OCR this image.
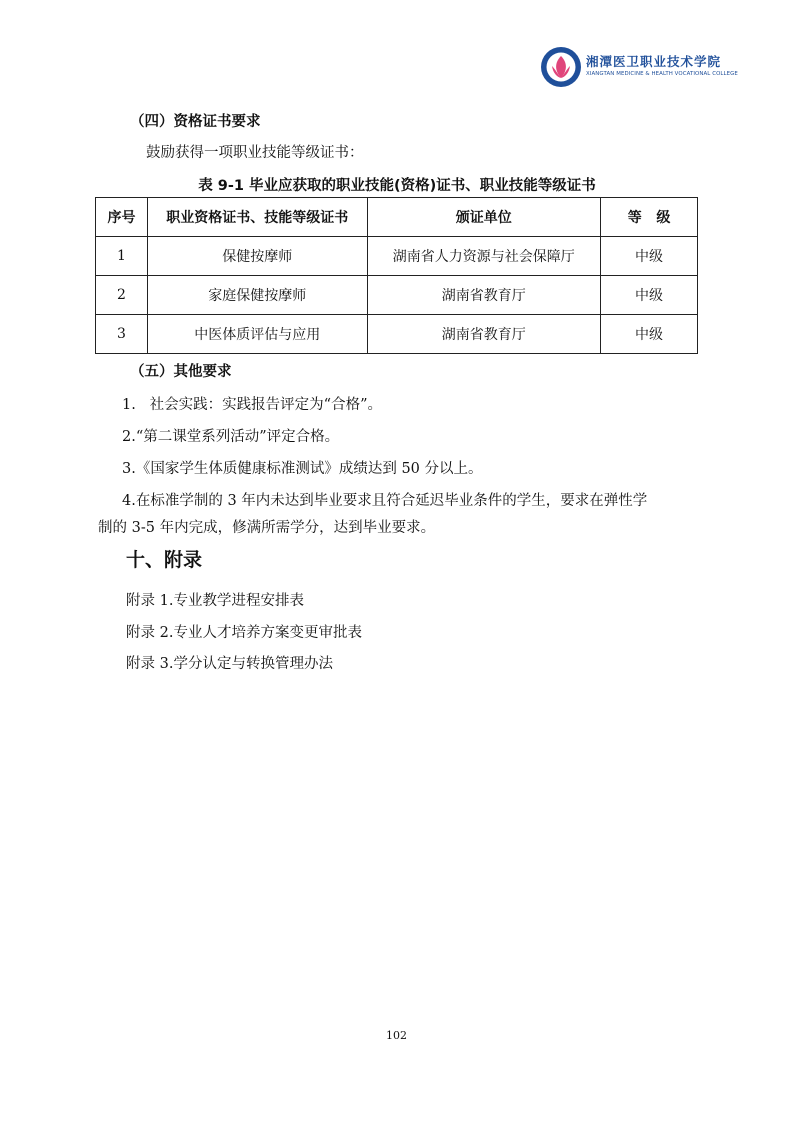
湘潭医卫职业技术学院
XIANGTAN MEDICINE & HEALTH VOCATIONAL COLLEGE
（四）资格证书要求
鼓励获得一项职业技能等级证书：
表 9-1 毕业应获取的职业技能(资格)证书、职业技能等级证书
序号	职业资格证书、技能等级证书	颁证单位	等   级
1	保健按摩师	湖南省人力资源与社会保障厅	中级
2	家庭保健按摩师	湖南省教育厅	中级
3	中医体质评估与应用	湖南省教育厅	中级
（五）其他要求
1.   社会实践：实践报告评定为“合格”。
2.“第二课堂系列活动”评定合格。
3.《国家学生体质健康标准测试》成绩达到 50 分以上。
4.在标准学制的 3 年内未达到毕业要求且符合延迟毕业条件的学生，要求在弹性学
制的 3-5 年内完成，修满所需学分，达到毕业要求。
十、附录
附录 1.专业教学进程安排表
附录 2.专业人才培养方案变更审批表
附录 3.学分认定与转换管理办法
102
